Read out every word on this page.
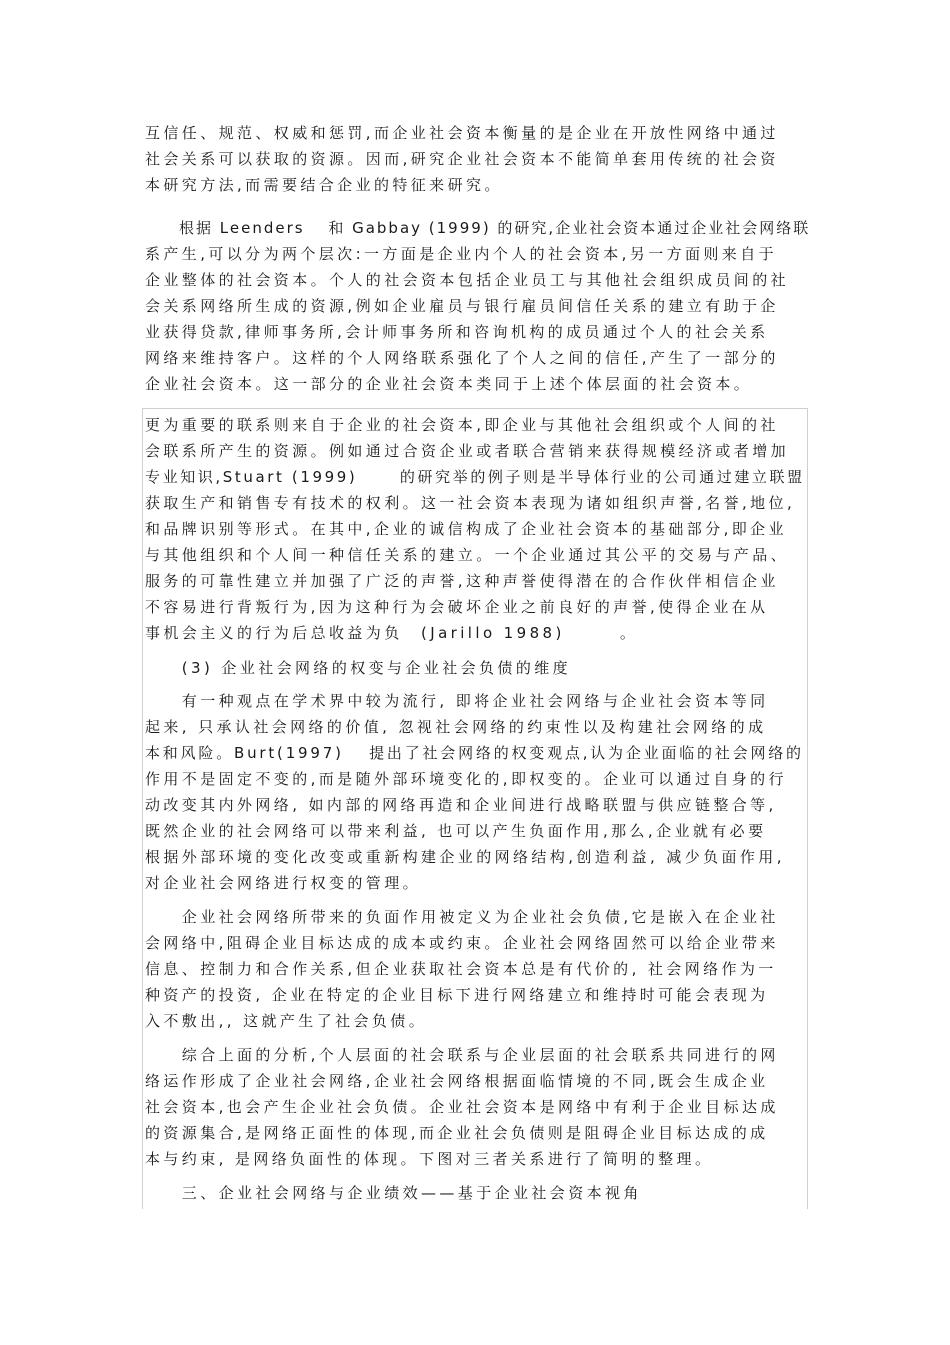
互信任、规范、权威和惩罚,而企业社会资本衡量的是企业在开放性网络中通过
社会关系可以获取的资源。因而,研究企业社会资本不能简单套用传统的社会资
本研究方法,而需要结合企业的特征来研究。
　　根据 Leenders　 和 Gabbay (1999) 的研究,企业社会资本通过企业社会网络联
系产生,可以分为两个层次:一方面是企业内个人的社会资本,另一方面则来自于
企业整体的社会资本。个人的社会资本包括企业员工与其他社会组织成员间的社
会关系网络所生成的资源,例如企业雇员与银行雇员间信任关系的建立有助于企
业获得贷款,律师事务所,会计师事务所和咨询机构的成员通过个人的社会关系
网络来维持客户。这样的个人网络联系强化了个人之间的信任,产生了一部分的
企业社会资本。这一部分的企业社会资本类同于上述个体层面的社会资本。
更为重要的联系则来自于企业的社会资本,即企业与其他社会组织或个人间的社
会联系所产生的资源。例如通过合资企业或者联合营销来获得规模经济或者增加
专业知识,Stuart (1999)　　 的研究举的例子则是半导体行业的公司通过建立联盟
获取生产和销售专有技术的权利。这一社会资本表现为诸如组织声誉,名誉,地位,
和品牌识别等形式。在其中,企业的诚信构成了企业社会资本的基础部分,即企业
与其他组织和个人间一种信任关系的建立。一个企业通过其公平的交易与产品、
服务的可靠性建立并加强了广泛的声誉,这种声誉使得潜在的合作伙伴相信企业
不容易进行背叛行为,因为这种行为会破坏企业之前良好的声誉,使得企业在从
事机会主义的行为后总收益为负　(Jarillo 1988)　　　。
　　(3) 企业社会网络的权变与企业社会负债的维度
　　有一种观点在学术界中较为流行, 即将企业社会网络与企业社会资本等同
起来, 只承认社会网络的价值, 忽视社会网络的约束性以及构建社会网络的成
本和风险。Burt(1997)　 提出了社会网络的权变观点,认为企业面临的社会网络的
作用不是固定不变的,而是随外部环境变化的,即权变的。企业可以通过自身的行
动改变其内外网络, 如内部的网络再造和企业间进行战略联盟与供应链整合等,
既然企业的社会网络可以带来利益, 也可以产生负面作用,那么,企业就有必要
根据外部环境的变化改变或重新构建企业的网络结构,创造利益, 减少负面作用,
对企业社会网络进行权变的管理。
　　企业社会网络所带来的负面作用被定义为企业社会负债,它是嵌入在企业社
会网络中,阻碍企业目标达成的成本或约束。企业社会网络固然可以给企业带来
信息、控制力和合作关系,但企业获取社会资本总是有代价的, 社会网络作为一
种资产的投资, 企业在特定的企业目标下进行网络建立和维持时可能会表现为
入不敷出,, 这就产生了社会负债。
　　综合上面的分析,个人层面的社会联系与企业层面的社会联系共同进行的网
络运作形成了企业社会网络,企业社会网络根据面临情境的不同,既会生成企业
社会资本,也会产生企业社会负债。企业社会资本是网络中有利于企业目标达成
的资源集合,是网络正面性的体现,而企业社会负债则是阻碍企业目标达成的成
本与约束, 是网络负面性的体现。下图对三者关系进行了简明的整理。
　　三、企业社会网络与企业绩效——基于企业社会资本视角
